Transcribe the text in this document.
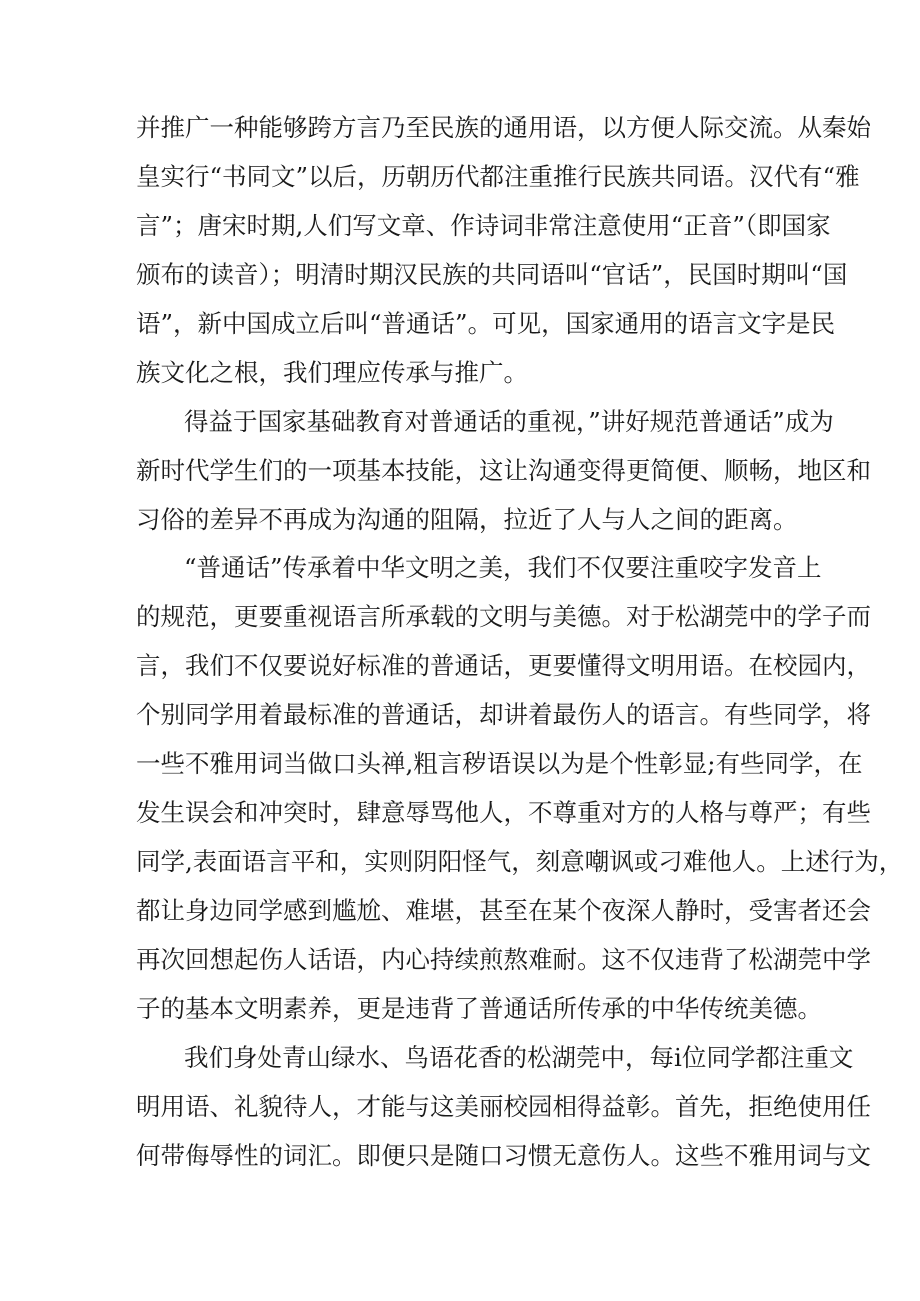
并推广一种能够跨方言乃至民族的通用语，以方便人际交流。从秦始
皇实行“书同文”以后，历朝历代都注重推行民族共同语。汉代有“雅
言”；唐宋时期,人们写文章、作诗词非常注意使用“正音”（即国家
颁布的读音）；明清时期汉民族的共同语叫“官话”，民国时期叫“国
语”，新中国成立后叫“普通话”。可见，国家通用的语言文字是民
族文化之根，我们理应传承与推广。
得益于国家基础教育对普通话的重视，”讲好规范普通话”成为
新时代学生们的一项基本技能，这让沟通变得更简便、顺畅，地区和
习俗的差异不再成为沟通的阻隔，拉近了人与人之间的距离。
“普通话”传承着中华文明之美，我们不仅要注重咬字发音上
的规范，更要重视语言所承载的文明与美德。对于松湖莞中的学子而
言，我们不仅要说好标准的普通话，更要懂得文明用语。在校园内，
个别同学用着最标准的普通话，却讲着最伤人的语言。有些同学，将
一些不雅用词当做口头禅,粗言秽语误以为是个性彰显;有些同学，在
发生误会和冲突时，肆意辱骂他人，不尊重对方的人格与尊严；有些
同学,表面语言平和，实则阴阳怪气，刻意嘲讽或刁难他人。上述行为，
都让身边同学感到尴尬、难堪，甚至在某个夜深人静时，受害者还会
再次回想起伤人话语，内心持续煎熬难耐。这不仅违背了松湖莞中学
子的基本文明素养，更是违背了普通话所传承的中华传统美德。
我们身处青山绿水、鸟语花香的松湖莞中，每i位同学都注重文
明用语、礼貌待人，才能与这美丽校园相得益彰。首先，拒绝使用任
何带侮辱性的词汇。即便只是随口习惯无意伤人。这些不雅用词与文
